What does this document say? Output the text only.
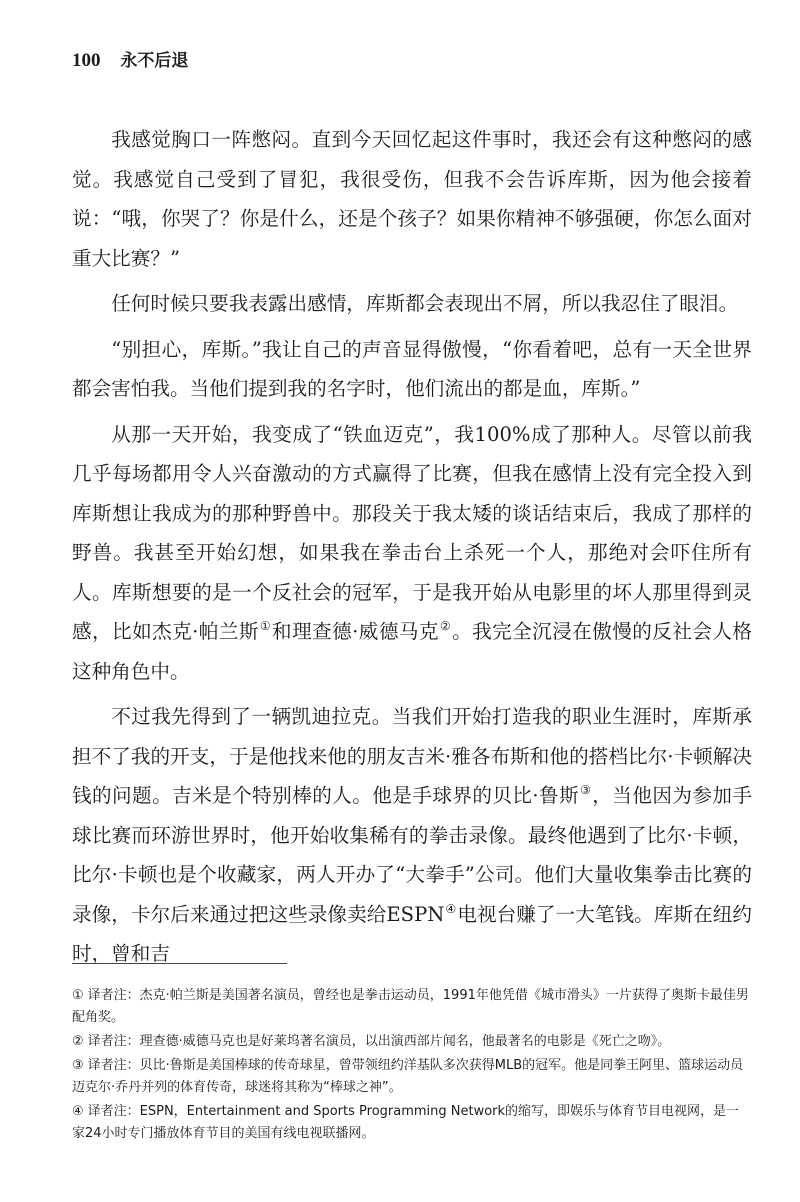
100 永不后退

我感觉胸口一阵憋闷。直到今天回忆起这件事时，我还会有这种憋闷的感觉。我感觉自己受到了冒犯，我很受伤，但我不会告诉库斯，因为他会接着说：“哦，你哭了？你是什么，还是个孩子？如果你精神不够强硬，你怎么面对重大比赛？”

任何时候只要我表露出感情，库斯都会表现出不屑，所以我忍住了眼泪。

“别担心，库斯。”我让自己的声音显得傲慢，“你看着吧，总有一天全世界都会害怕我。当他们提到我的名字时，他们流出的都是血，库斯。”

从那一天开始，我变成了“铁血迈克”，我100%成了那种人。尽管以前我几乎每场都用令人兴奋激动的方式赢得了比赛，但我在感情上没有完全投入到库斯想让我成为的那种野兽中。那段关于我太矮的谈话结束后，我成了那样的野兽。我甚至开始幻想，如果我在拳击台上杀死一个人，那绝对会吓住所有人。库斯想要的是一个反社会的冠军，于是我开始从电影里的坏人那里得到灵感，比如杰克·帕兰斯①和理查德·威德马克②。我完全沉浸在傲慢的反社会人格这种角色中。

不过我先得到了一辆凯迪拉克。当我们开始打造我的职业生涯时，库斯承担不了我的开支，于是他找来他的朋友吉米·雅各布斯和他的搭档比尔·卡顿解决钱的问题。吉米是个特别棒的人。他是手球界的贝比·鲁斯③，当他因为参加手球比赛而环游世界时，他开始收集稀有的拳击录像。最终他遇到了比尔·卡顿，比尔·卡顿也是个收藏家，两人开办了“大拳手”公司。他们大量收集拳击比赛的录像，卡尔后来通过把这些录像卖给ESPN④电视台赚了一大笔钱。库斯在纽约时，曾和吉

① 译者注：杰克·帕兰斯是美国著名演员，曾经也是拳击运动员，1991年他凭借《城市滑头》一片获得了奥斯卡最佳男配角奖。

② 译者注：理查德·威德马克也是好莱坞著名演员，以出演西部片闻名，他最著名的电影是《死亡之吻》。

③ 译者注：贝比·鲁斯是美国棒球的传奇球星，曾带领纽约洋基队多次获得MLB的冠军。他是同拳王阿里、篮球运动员迈克尔·乔丹并列的体育传奇，球迷将其称为“棒球之神”。

④ 译者注：ESPN，Entertainment and Sports Programming Network的缩写，即娱乐与体育节目电视网，是一家24小时专门播放体育节目的美国有线电视联播网。
